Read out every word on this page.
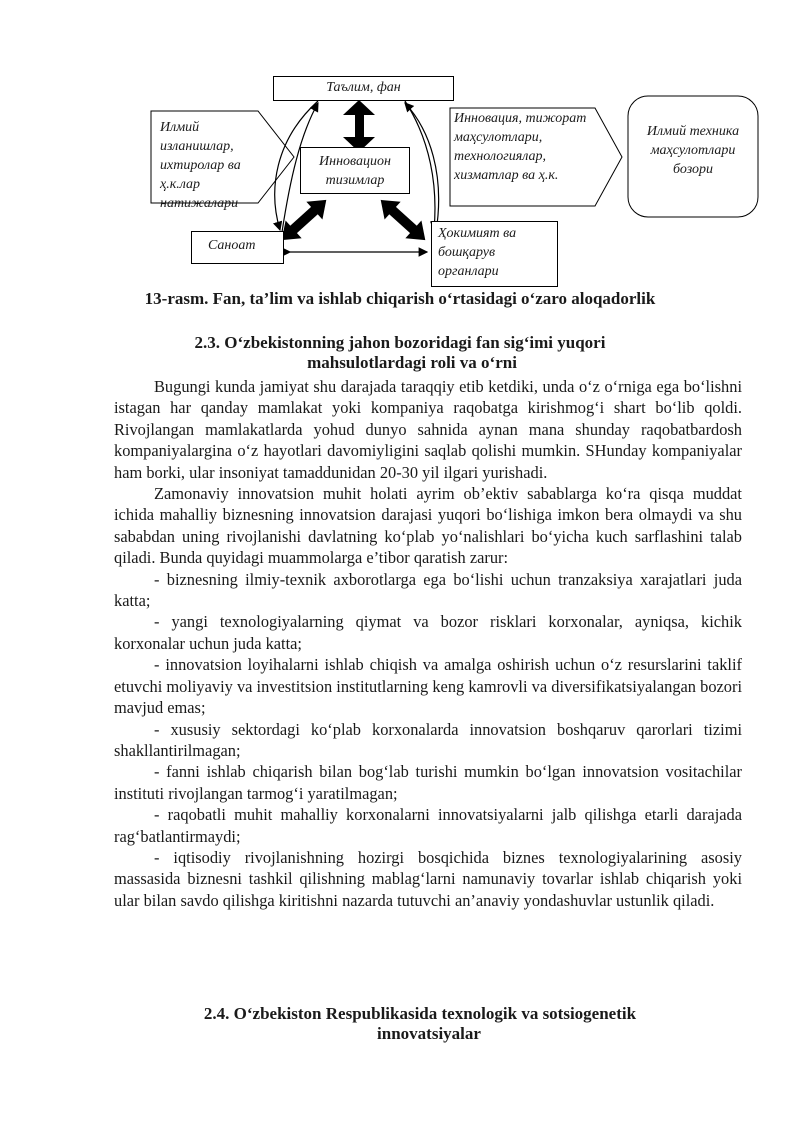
Таълим, фан
Илмий изланишлар, ихтиролар ва ҳ.к.лар натижалари
Инновацион тизимлар
Инновация, тижорат маҳсулотлари, технологиялар, хизматлар ва ҳ.к.
Илмий техника маҳсулотлари бозори
Саноат
Ҳокимият ва бошқарув органлари
13-rasm. Fan, ta’lim va ishlab chiqarish o‘rtasidagi o‘zaro aloqadorlik
2.3. O‘zbekistonning jahon bozoridagi fan sig‘imi yuqori
mahsulotlardagi roli va o‘rni

Bugungi kunda jamiyat shu darajada taraqqiy etib ketdiki, unda o‘z o‘rniga ega bo‘lishni istagan har qanday mamlakat yoki kompaniya raqobatga kirishmog‘i shart bo‘lib qoldi. Rivojlangan mamlakatlarda yohud dunyo sahnida aynan mana shunday raqobatbardosh kompaniyalargina o‘z hayotlari davomiyligini saqlab qolishi mumkin. SHunday kompaniyalar ham borki, ular insoniyat tamaddunidan 20-30 yil ilgari yurishadi.

Zamonaviy innovatsion muhit holati ayrim ob’ektiv sabablarga ko‘ra qisqa muddat ichida mahalliy biznesning innovatsion darajasi yuqori bo‘lishiga imkon bera olmaydi va shu sababdan uning rivojlanishi davlatning ko‘plab yo‘nalishlari bo‘yicha kuch sarflashini talab qiladi. Bunda quyidagi muammolarga e’tibor qaratish zarur:

- biznesning ilmiy-texnik axborotlarga ega bo‘lishi uchun tranzaksiya xarajatlari juda katta;

- yangi texnologiyalarning qiymat va bozor risklari korxonalar, ayniqsa, kichik korxonalar uchun juda katta;

- innovatsion loyihalarni ishlab chiqish va amalga oshirish uchun o‘z resurslarini taklif etuvchi moliyaviy va investitsion institutlarning keng kamrovli va diversifikatsiyalangan bozori mavjud emas;

- xususiy sektordagi ko‘plab korxonalarda innovatsion boshqaruv qarorlari tizimi shakllantirilmagan;

- fanni ishlab chiqarish bilan bog‘lab turishi mumkin bo‘lgan innovatsion vositachilar instituti rivojlangan tarmog‘i yaratilmagan;

- raqobatli muhit mahalliy korxonalarni innovatsiyalarni jalb qilishga etarli darajada rag‘batlantirmaydi;

- iqtisodiy rivojlanishning hozirgi bosqichida biznes texnologiyalarining asosiy massasida biznesni tashkil qilishning mablag‘larni namunaviy tovarlar ishlab chiqarish yoki ular bilan savdo qilishga kiritishni nazarda tutuvchi an’anaviy yondashuvlar ustunlik qiladi.

2.4. O‘zbekiston Respublikasida texnologik va sotsiogenetik
innovatsiyalar
